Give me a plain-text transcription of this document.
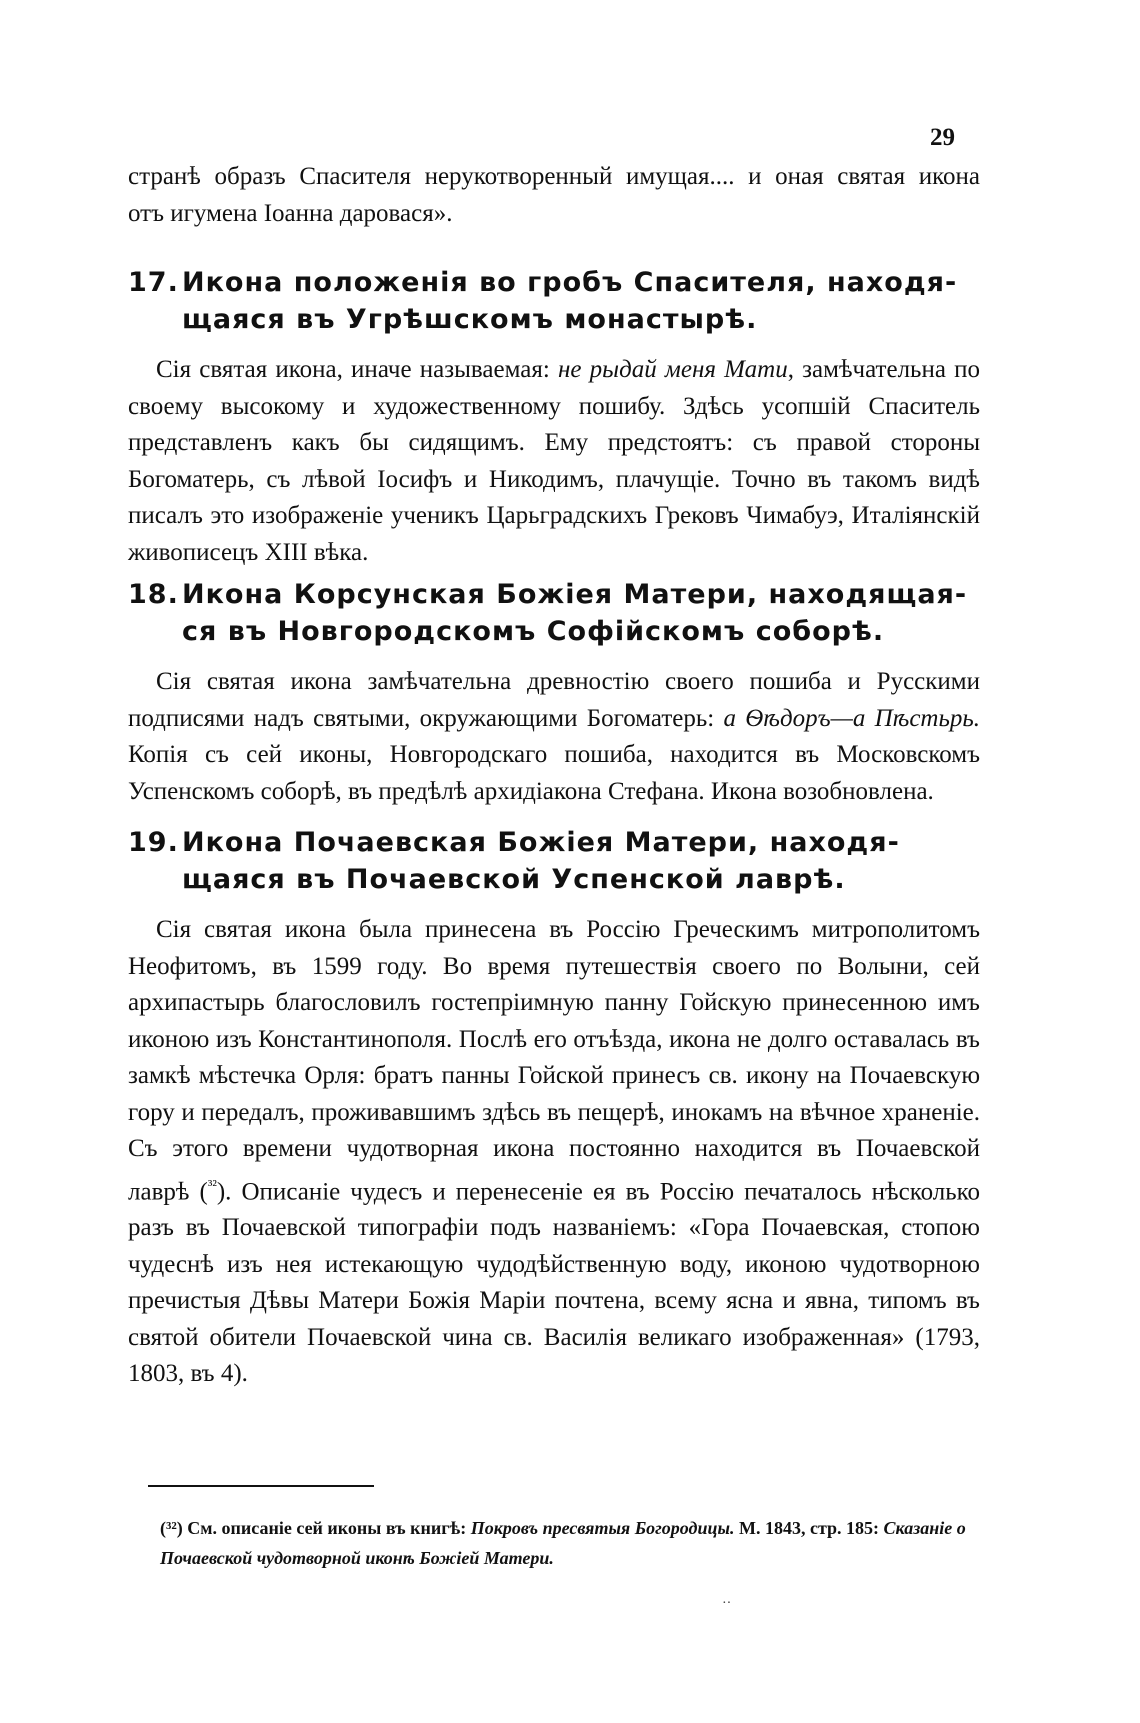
29
странѣ образъ Спасителя нерукотворенный имущая.... и оная святая икона
отъ игумена Іоанна даровася».
17. Икона положенія во гробъ Спасителя, находя-
щаяся въ Угрѣшскомъ монастырѣ.
Сія святая икона, иначе называемая: не рыдай меня Мати, замѣчательна по своему высокому и художественному пошибу. Здѣсь усопшій Спаситель представленъ какъ бы сидящимъ. Ему предстоятъ: съ правой стороны Богоматерь, съ лѣвой Іосифъ и Никодимъ, плачущіе. Точно въ такомъ видѣ писалъ это изображеніе ученикъ Царьградскихъ Грековъ Чимабуэ, Италіянскій живописецъ XIII вѣка.
18. Икона Корсунская Божіея Матери, находящая-
ся въ Новгородскомъ Софійскомъ соборѣ.
Сія святая икона замѣчательна древностію своего пошиба и Русскими подписями надъ святыми, окружающими Богоматерь: а Ѳѣдоръ—а Пѣстьрь. Копія съ сей иконы, Новгородскаго пошиба, находится въ Московскомъ Успенскомъ соборѣ, въ предѣлѣ архидіакона Стефана. Икона возобновлена.
19. Икона Почаевская Божіея Матери, находя-
щаяся въ Почаевской Успенской лаврѣ.
Сія святая икона была принесена въ Россію Греческимъ митрополитомъ Неофитомъ, въ 1599 году. Во время путешествія своего по Волыни, сей архипастырь благословилъ гостепріимную панну Гойскую принесенною имъ иконою изъ Константинополя. Послѣ его отъѣзда, икона не долго оставалась въ замкѣ мѣстечка Орля: братъ панны Гойской принесъ св. икону на Почаевскую гору и передалъ, проживавшимъ здѣсь въ пещерѣ, инокамъ на вѣчное храненіе. Съ этого времени чудотворная икона постоянно находится въ Почаевской лаврѣ ($^{^{32}}$). Описаніе чудесъ и перенесеніе ея въ Россію печаталось нѣсколько разъ въ Почаевской типографіи подъ названіемъ: «Гора Почаевская, стопою чудеснѣ изъ нея истекающую чудодѣйственную воду, иконою чудотворною пречистыя Дѣвы Матери Божія Маріи почтена, всему ясна и явна, типомъ въ святой обители Почаевской чина св. Василія великаго изображенная» (1793, 1803, въ 4).
(³²) См. описаніе сей иконы въ книгѣ: Покровъ пресвятыя Богородицы. М. 1843, стр. 185: Сказаніе о Почаевской чудотворной иконѣ Божіей Матери.
··
